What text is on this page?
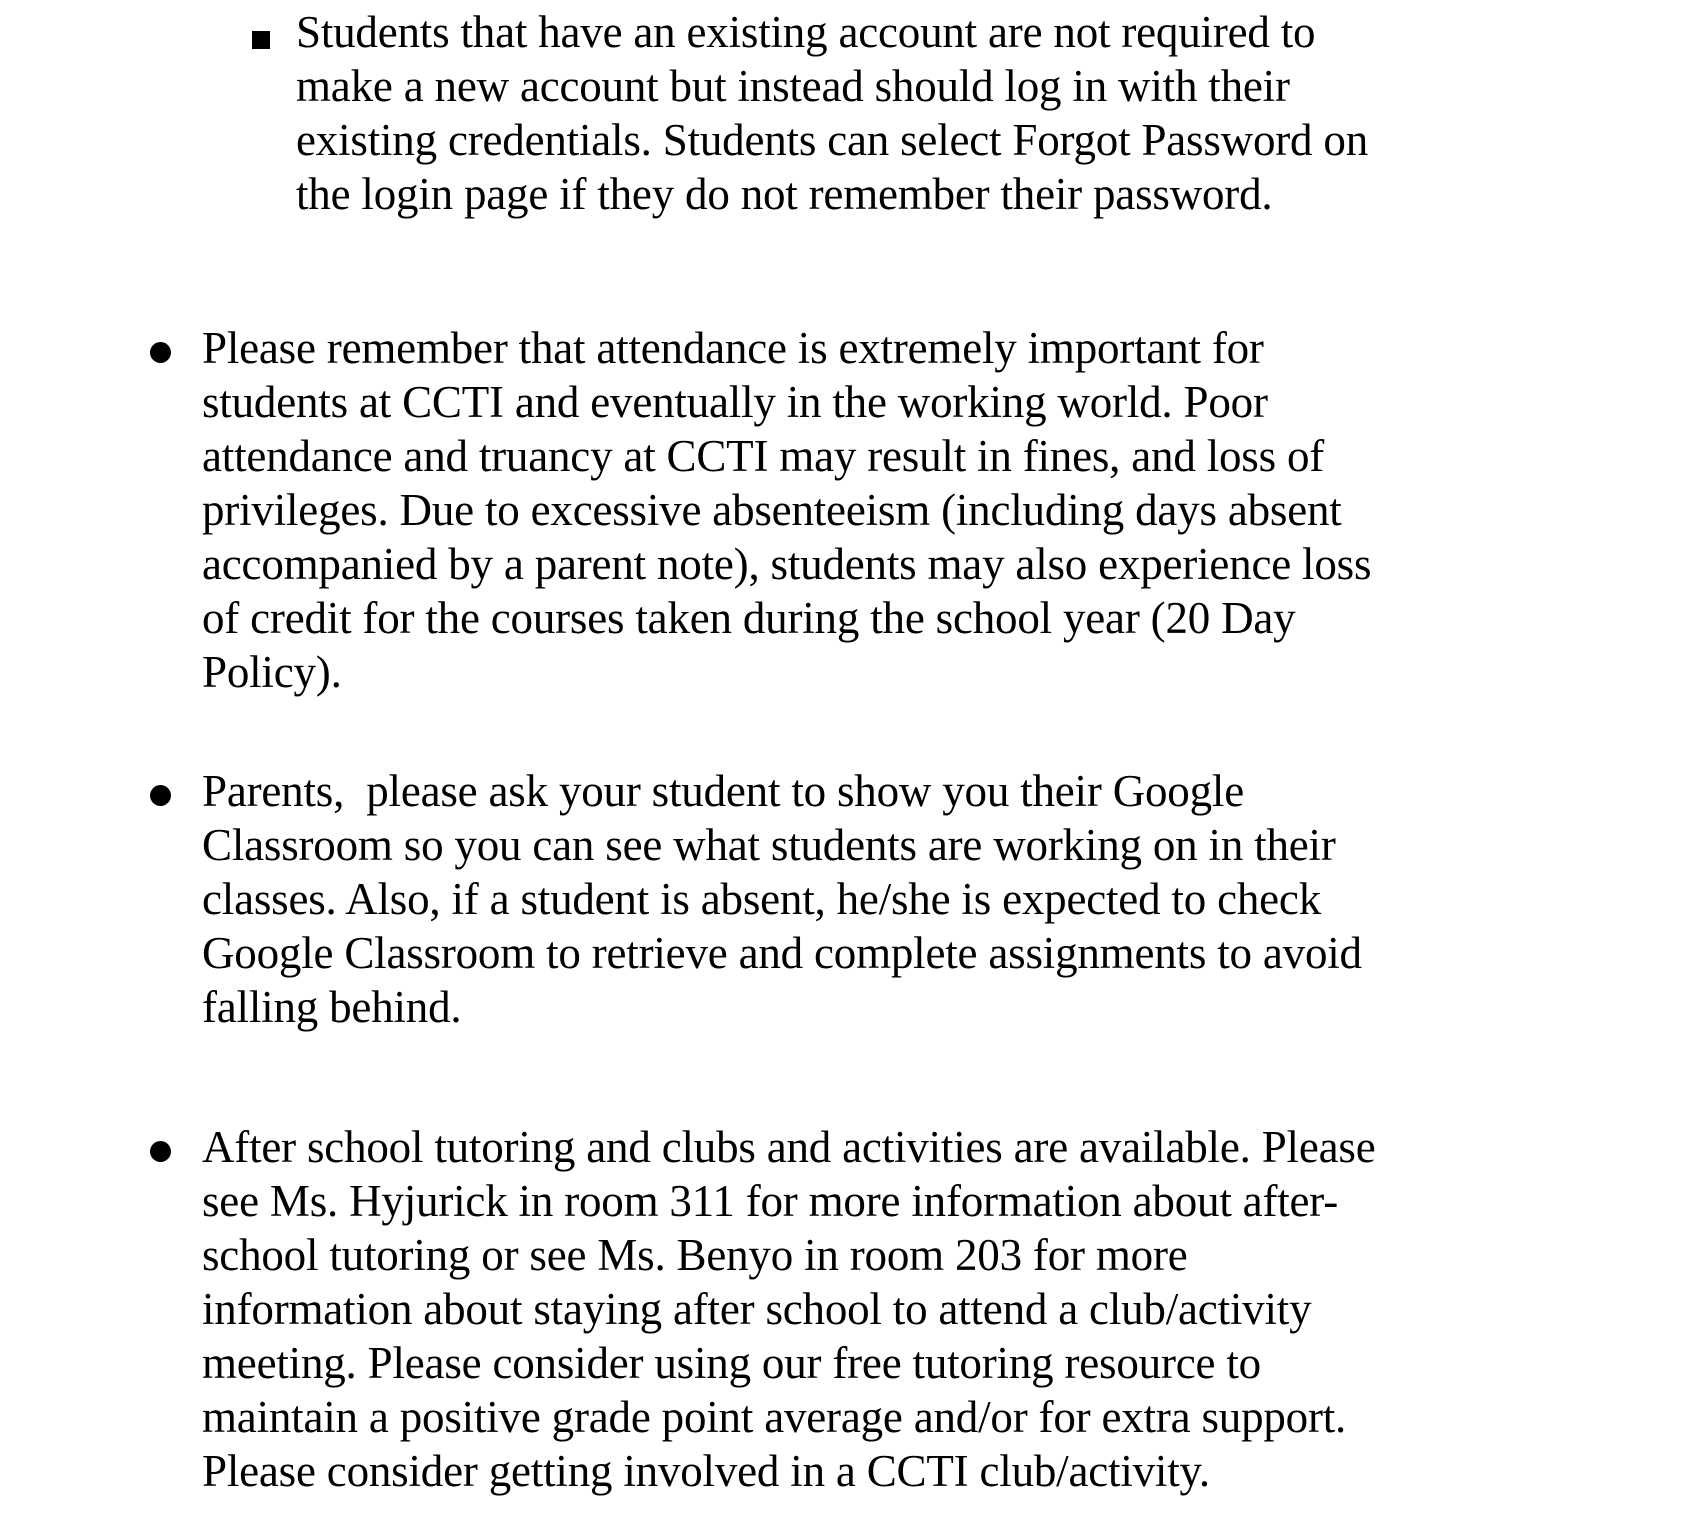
Students that have an existing account are not required to
make a new account but instead should log in with their
existing credentials. Students can select Forgot Password on
the login page if they do not remember their password.
Please remember that attendance is extremely important for
students at CCTI and eventually in the working world. Poor
attendance and truancy at CCTI may result in fines, and loss of
privileges. Due to excessive absenteeism (including days absent
accompanied by a parent note), students may also experience loss
of credit for the courses taken during the school year (20 Day
Policy).
Parents,  please ask your student to show you their Google
Classroom so you can see what students are working on in their
classes. Also, if a student is absent, he/she is expected to check
Google Classroom to retrieve and complete assignments to avoid
falling behind.
After school tutoring and clubs and activities are available. Please
see Ms. Hyjurick in room 311 for more information about after-
school tutoring or see Ms. Benyo in room 203 for more
information about staying after school to attend a club/activity
meeting. Please consider using our free tutoring resource to
maintain a positive grade point average and/or for extra support.
Please consider getting involved in a CCTI club/activity.
